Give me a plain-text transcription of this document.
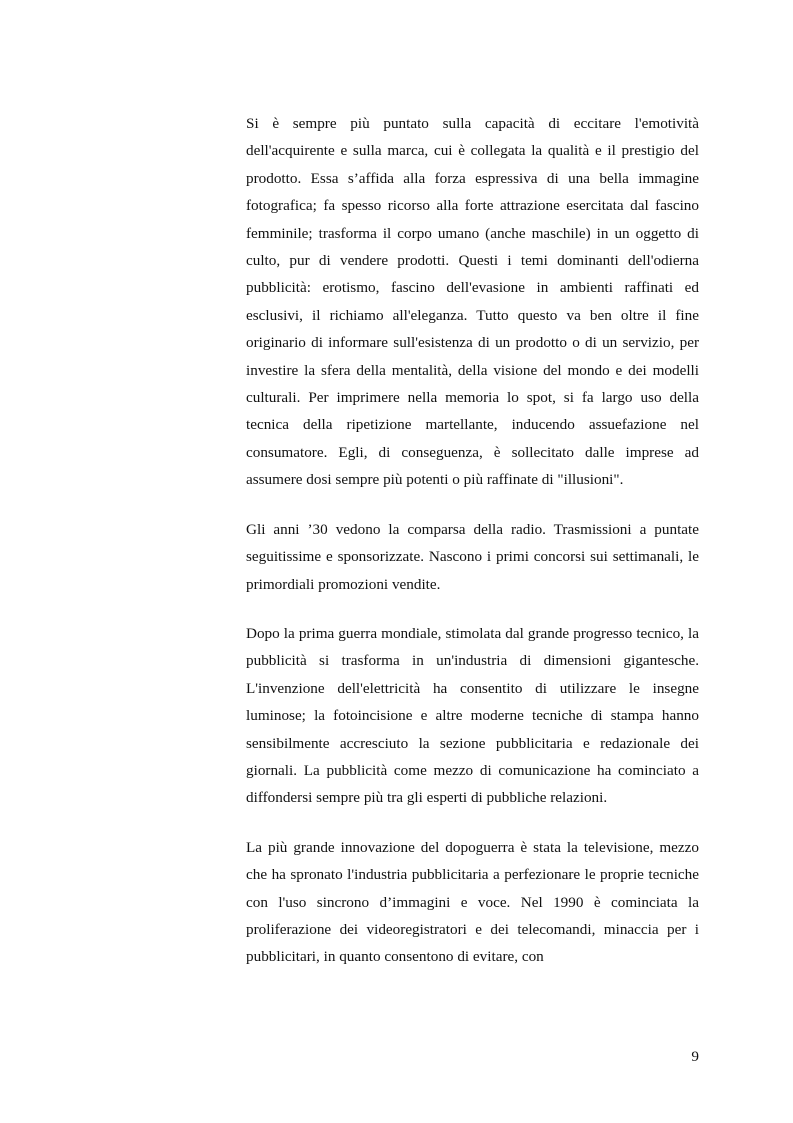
Si è sempre più puntato sulla capacità di eccitare l'emotività dell'acquirente e sulla marca, cui è collegata la qualità e il prestigio del prodotto. Essa s’affida alla forza espressiva di una bella immagine fotografica; fa spesso ricorso alla forte attrazione esercitata dal fascino femminile; trasforma il corpo umano (anche maschile) in un oggetto di culto, pur di vendere prodotti. Questi i temi dominanti dell'odierna pubblicità: erotismo, fascino dell'evasione in ambienti raffinati ed esclusivi, il richiamo all'eleganza. Tutto questo va ben oltre il fine originario di informare sull'esistenza di un prodotto o di un servizio, per investire la sfera della mentalità, della visione del mondo e dei modelli culturali. Per imprimere nella memoria lo spot, si fa largo uso della tecnica della ripetizione martellante, inducendo assuefazione nel consumatore. Egli, di conseguenza, è sollecitato dalle imprese ad assumere dosi sempre più potenti o più raffinate di "illusioni".

Gli anni ’30 vedono la comparsa della radio. Trasmissioni a puntate seguitissime e sponsorizzate. Nascono i primi concorsi sui settimanali, le primordiali promozioni vendite.

Dopo la prima guerra mondiale, stimolata dal grande progresso tecnico, la pubblicità si trasforma in un'industria di dimensioni gigantesche. L'invenzione dell'elettricità ha consentito di utilizzare le insegne luminose; la fotoincisione e altre moderne tecniche di stampa hanno sensibilmente accresciuto la sezione pubblicitaria e redazionale dei giornali. La pubblicità come mezzo di comunicazione ha cominciato a diffondersi sempre più tra gli esperti di pubbliche relazioni.

La più grande innovazione del dopoguerra è stata la televisione, mezzo che ha spronato l'industria pubblicitaria a perfezionare le proprie tecniche con l'uso sincrono d’immagini e voce. Nel 1990 è cominciata la proliferazione dei videoregistratori e dei telecomandi, minaccia per i pubblicitari, in quanto consentono di evitare, con

9
